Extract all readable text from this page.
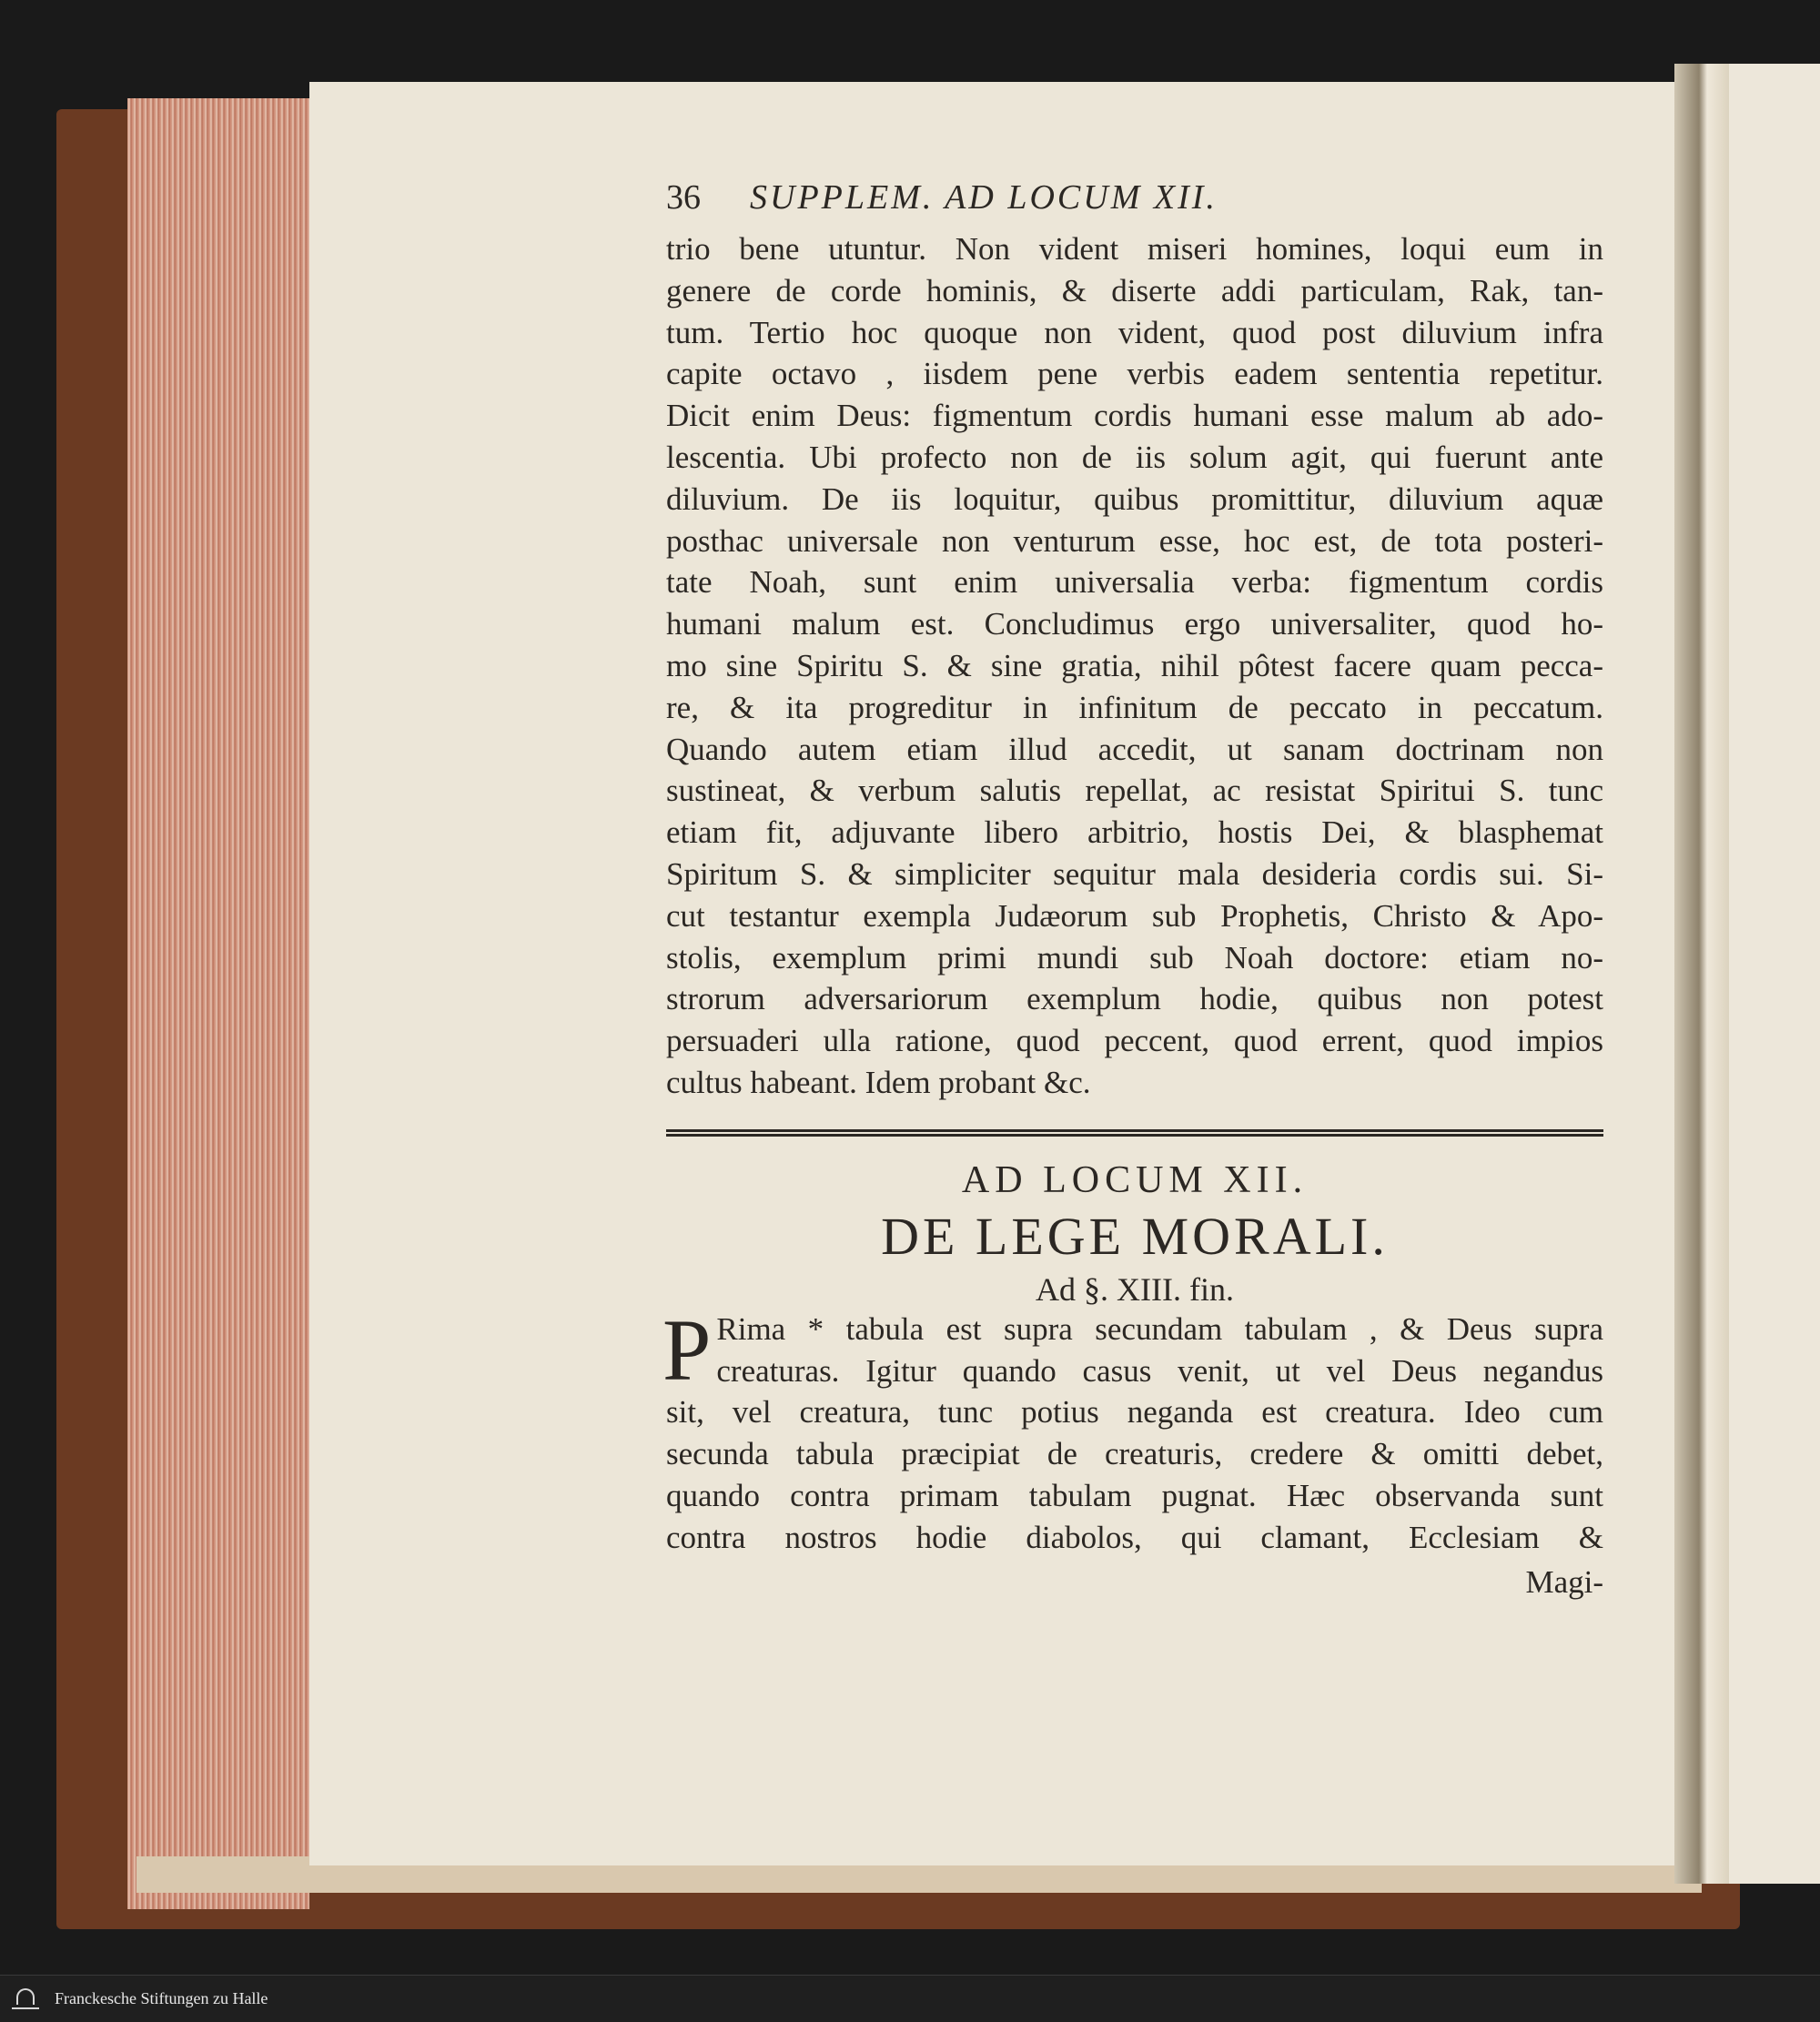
36	SUPPLEM. AD LOCUM XII.

trio bene utuntur. Non vident miseri homines, loqui eum in

genere de corde hominis, & diserte addi particulam, Rak, tan-

tum. Tertio hoc quoque non vident, quod post diluvium infra

capite octavo , iisdem pene verbis eadem sententia repetitur.

Dicit enim Deus: figmentum cordis humani esse malum ab ado-

lescentia. Ubi profecto non de iis solum agit, qui fuerunt ante

diluvium. De iis loquitur, quibus promittitur, diluvium aquæ

posthac universale non venturum esse, hoc est, de tota posteri-

tate Noah, sunt enim universalia verba: figmentum cordis

humani malum est. Concludimus ergo universaliter, quod ho-

mo sine Spiritu S. & sine gratia, nihil pôtest facere quam pecca-

re, & ita progreditur in infinitum de peccato in peccatum.

Quando autem etiam illud accedit, ut sanam doctrinam non

sustineat, & verbum salutis repellat, ac resistat Spiritui S. tunc

etiam fit, adjuvante libero arbitrio, hostis Dei, & blasphemat

Spiritum S. & simpliciter sequitur mala desideria cordis sui. Si-

cut testantur exempla Judæorum sub Prophetis, Christo & Apo-

stolis, exemplum primi mundi sub Noah doctore: etiam no-

strorum adversariorum exemplum hodie, quibus non potest

persuaderi ulla ratione, quod peccent, quod errent, quod impios

cultus habeant. Idem probant &c.

AD LOCUM XII.
DE LEGE MORALI.
Ad §. XIII. fin.
P Rima * tabula est supra secundam tabulam , & Deus supra

creaturas. Igitur quando casus venit, ut vel Deus negandus

sit, vel creatura, tunc potius neganda est creatura. Ideo cum

secunda tabula præcipiat de creaturis, credere & omitti debet,

quando contra primam tabulam pugnat. Hæc observanda sunt

contra nostros hodie diabolos, qui clamant, Ecclesiam &

Magi-
Franckesche Stiftungen zu Halle
